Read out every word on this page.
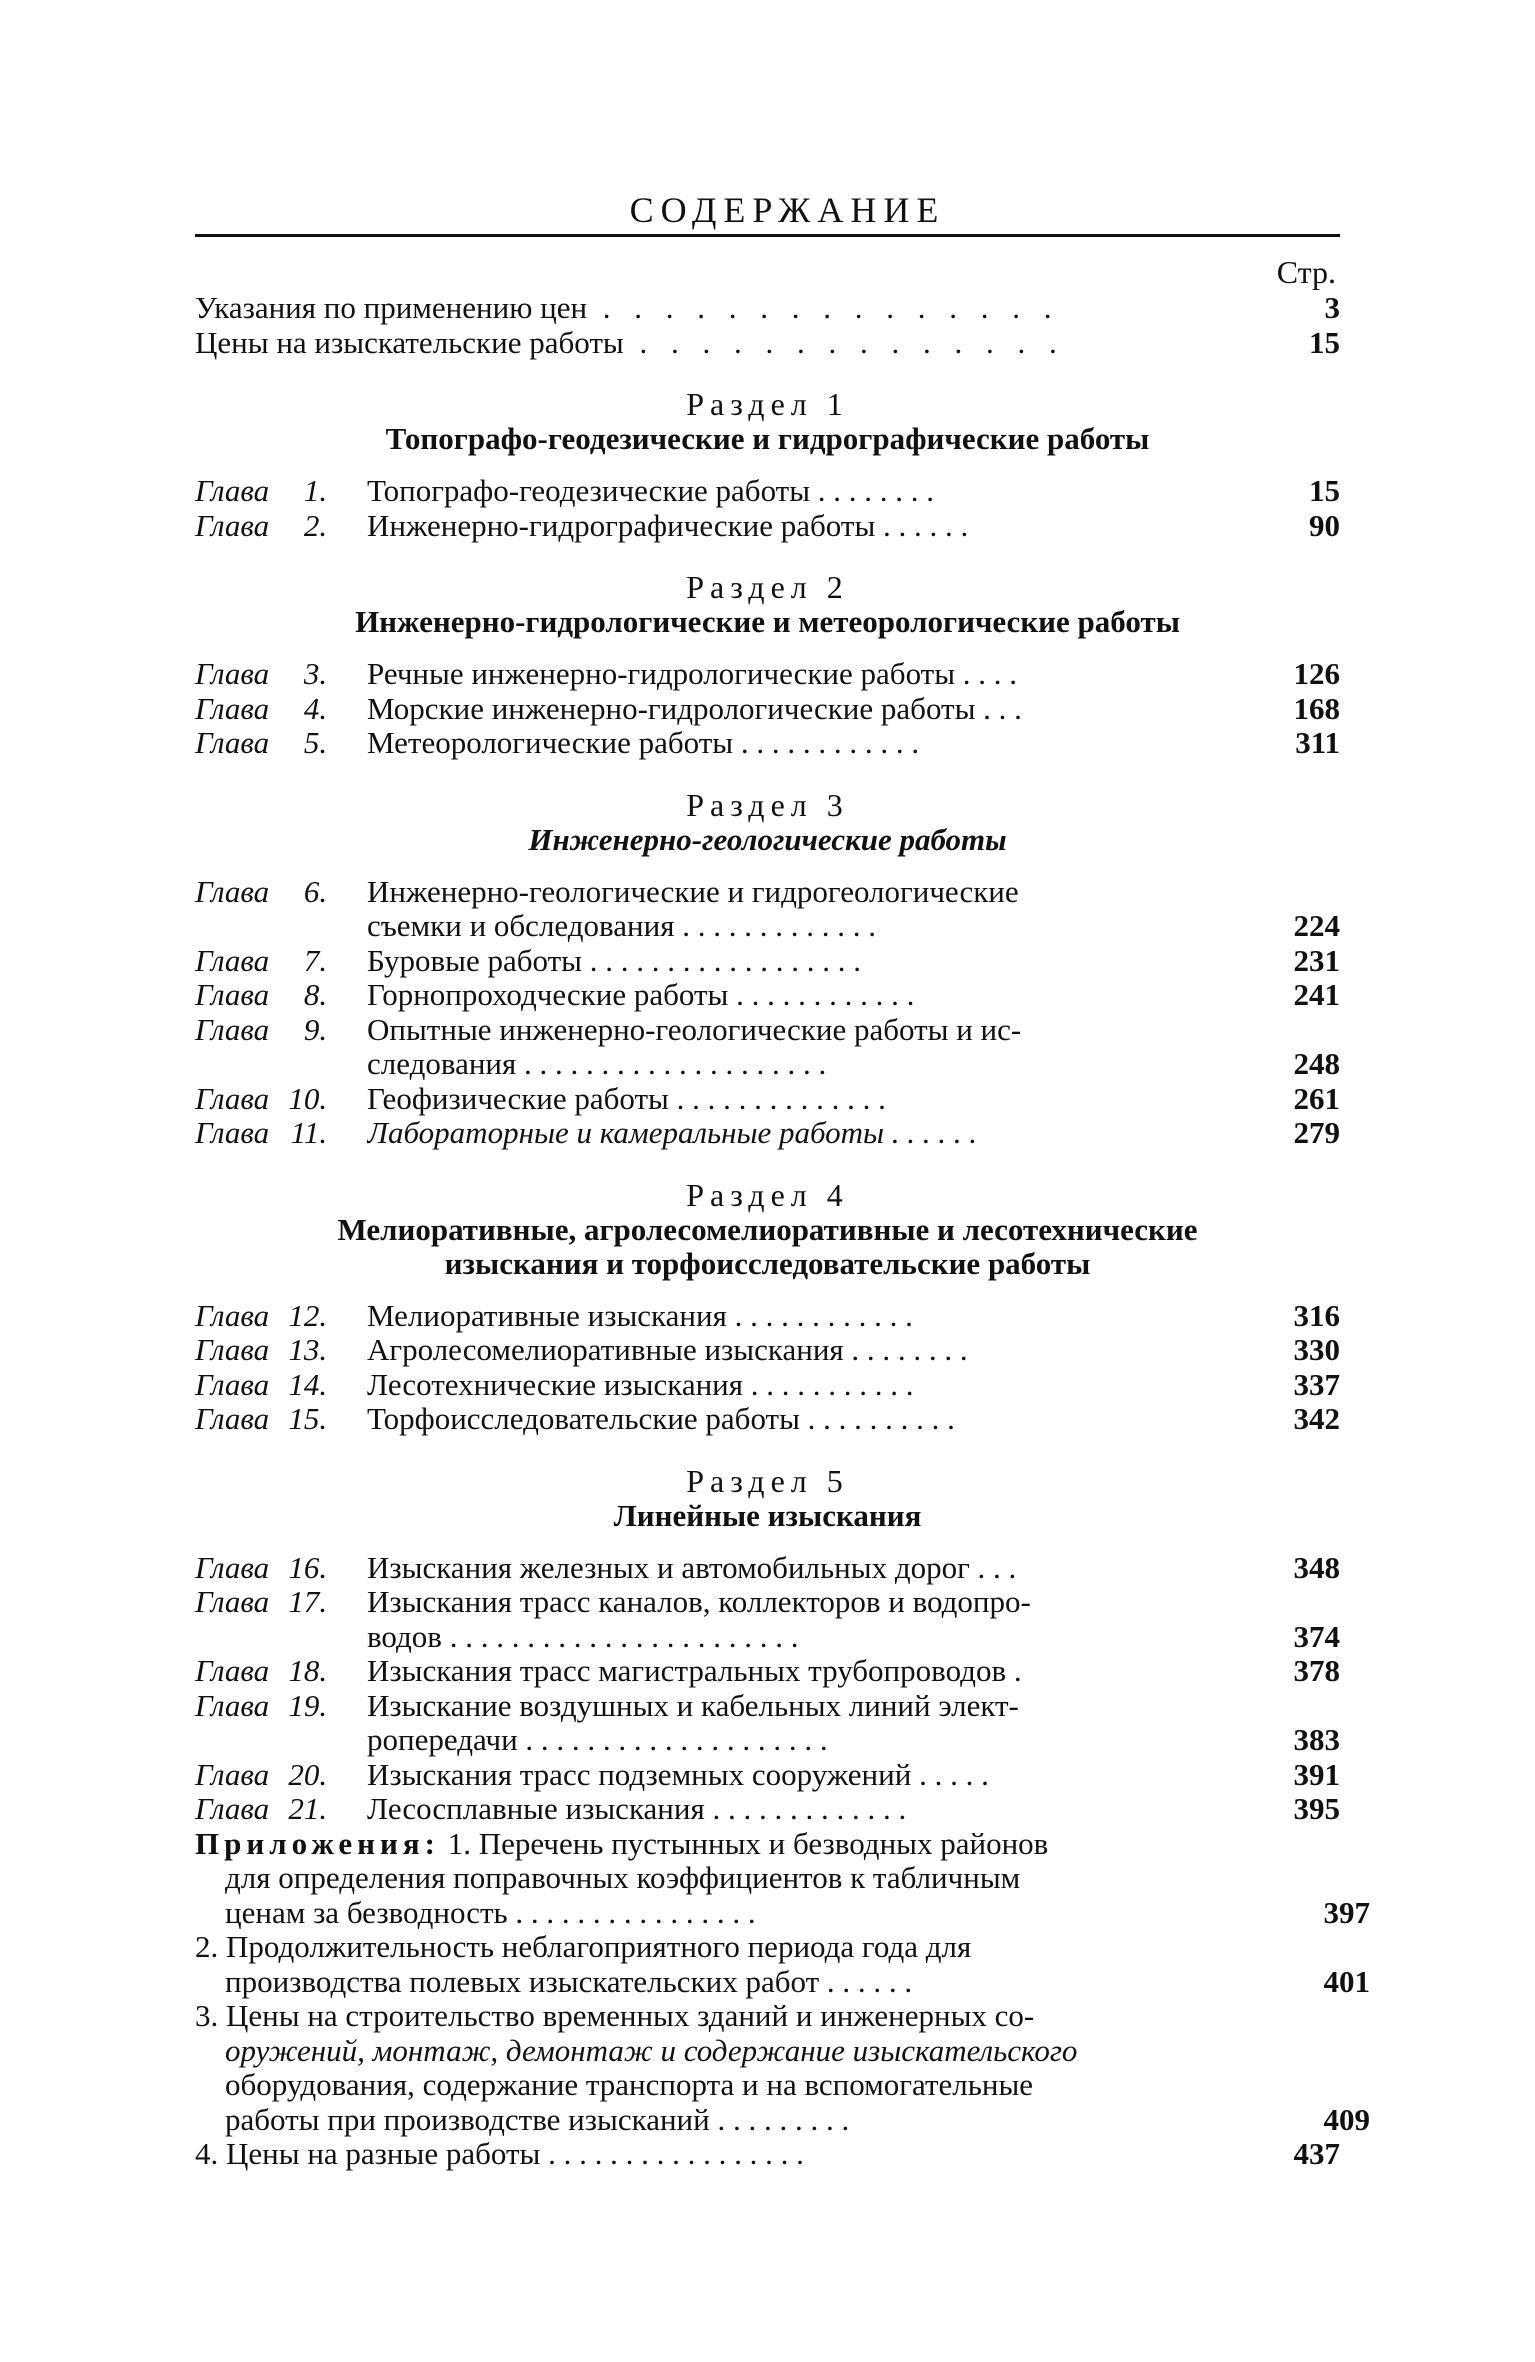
СОДЕРЖАНИЕ
Стр.
Указания по применению цен . . . . . . . . . . . . . . .	3
Цены на изыскательские работы . . . . . . . . . . . . . .	15
Раздел 1
Топографо-геодезические и гидрографические работы
Глава 1.	Топографо-геодезические работы . . . . . . . .	15
Глава 2.	Инженерно-гидрографические работы . . . . . .	90
Раздел 2
Инженерно-гидрологические и метеорологические работы
Глава 3.	Речные инженерно-гидрологические работы . . . .	126
Глава 4.	Морские инженерно-гидрологические работы . . .	168
Глава 5.	Метеорологические работы . . . . . . . . . . . .	311
Раздел 3
Инженерно-геологические работы
Глава 6.	Инженерно-геологические и гидрогеологические
съемки и обследования . . . . . . . . . . . . .	224
Глава 7.	Буровые работы . . . . . . . . . . . . . . . . . .	231
Глава 8.	Горнопроходческие работы . . . . . . . . . . . .	241
Глава 9.	Опытные инженерно-геологические работы и ис-
следования . . . . . . . . . . . . . . . . . . . .	248
Глава 10.	Геофизические работы . . . . . . . . . . . . . .	261
Глава 11.	Лабораторные и камеральные работы . . . . . .	279
Раздел 4
Мелиоративные, агролесомелиоративные и лесотехнические
изыскания и торфоисследовательские работы
Глава 12.	Мелиоративные изыскания . . . . . . . . . . . .	316
Глава 13.	Агролесомелиоративные изыскания . . . . . . . .	330
Глава 14.	Лесотехнические изыскания . . . . . . . . . . .	337
Глава 15.	Торфоисследовательские работы . . . . . . . . . .	342
Раздел 5
Линейные изыскания
Глава 16.	Изыскания железных и автомобильных дорог . . .	348
Глава 17.	Изыскания трасс каналов, коллекторов и водопро-
водов . . . . . . . . . . . . . . . . . . . . . . .	374
Глава 18.	Изыскания трасс магистральных трубопроводов .	378
Глава 19.	Изыскание воздушных и кабельных линий элект-
ропередачи . . . . . . . . . . . . . . . . . . . .	383
Глава 20.	Изыскания трасс подземных сооружений . . . . .	391
Глава 21.	Лесосплавные изыскания . . . . . . . . . . . . .	395
Приложения: 1. Перечень пустынных и безводных районов
для определения поправочных коэффициентов к табличным
ценам за безводность . . . . . . . . . . . . . . . .	397
2. Продолжительность неблагоприятного периода года для
производства полевых изыскательских работ . . . . . .	401
3. Цены на строительство временных зданий и инженерных со-
оружений, монтаж, демонтаж и содержание изыскательского
оборудования, содержание транспорта и на вспомогательные
работы при производстве изысканий . . . . . . . . .	409
4. Цены на разные работы . . . . . . . . . . . . . . . . .	437
